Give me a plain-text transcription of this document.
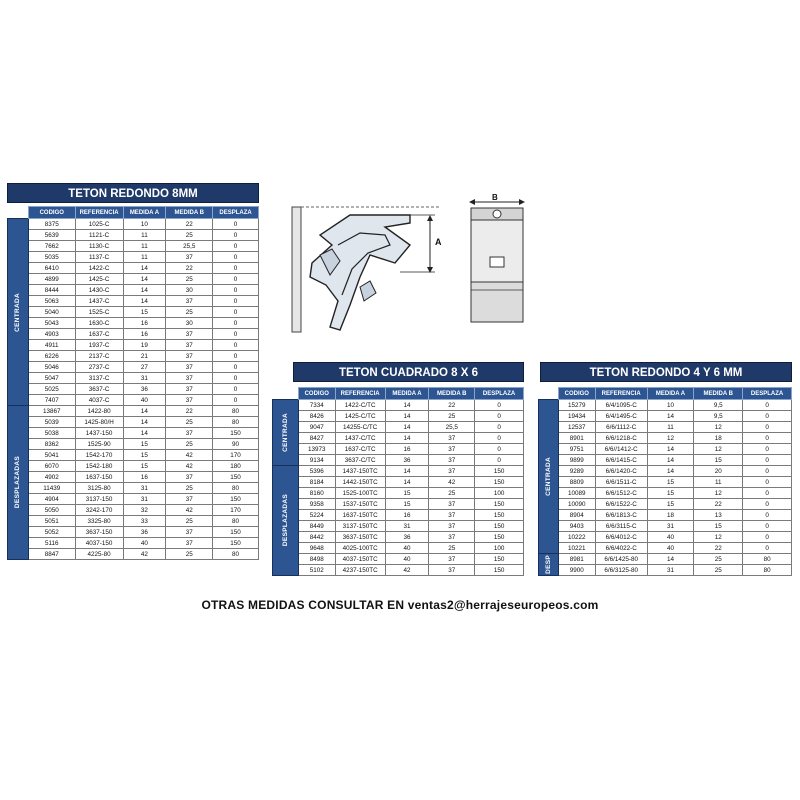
TETON REDONDO 8MM
	CODIGO	REFERENCIA	MEDIDA A	MEDIDA B	DESPLAZA

CENTRADA	8375	1025-C	10	22	0
	5639	1121-C	11	25	0
	7662	1130-C	11	25,5	0
	5035	1137-C	11	37	0
	6410	1422-C	14	22	0
	4899	1425-C	14	25	0
	8444	1430-C	14	30	0
	5063	1437-C	14	37	0
	5040	1525-C	15	25	0
	5043	1630-C	16	30	0
	4903	1637-C	16	37	0
	4911	1937-C	19	37	0
	6226	2137-C	21	37	0
	5046	2737-C	27	37	0
	5047	3137-C	31	37	0
	5025	3637-C	36	37	0
	7407	4037-C	40	37	0

DESPLAZADAS	13867	1422-80	14	22	80
	5039	1425-80/H	14	25	80
	5038	1437-150	14	37	150
	8362	1525-90	15	25	90
	5041	1542-170	15	42	170
	6070	1542-180	15	42	180
	4902	1637-150	16	37	150
	11439	3125-80	31	25	80
	4904	3137-150	31	37	150
	5050	3242-170	32	42	170
	5051	3325-80	33	25	80
	5052	3637-150	36	37	150
	5116	4037-150	40	37	150
	8847	4225-80	42	25	80
TETON CUADRADO 8 X 6
	CODIGO	REFERENCIA	MEDIDA A	MEDIDA B	DESPLAZA

CENTRADA	7334	1422-C/TC	14	22	0
	8426	1425-C/TC	14	25	0
	9047	14255-C/TC	14	25,5	0
	8427	1437-C/TC	14	37	0
	13973	1637-C/TC	16	37	0
	9134	3637-C/TC	36	37	0

DESPLAZADAS	5396	1437-150TC	14	37	150
	8184	1442-150TC	14	42	150
	8160	1525-100TC	15	25	100
	9358	1537-150TC	15	37	150
	5224	1637-150TC	16	37	150
	8449	3137-150TC	31	37	150
	8442	3637-150TC	36	37	150
	9648	4025-100TC	40	25	100
	8498	4037-150TC	40	37	150
	5102	4237-150TC	42	37	150
TETON REDONDO 4 Y 6 MM
	CODIGO	REFERENCIA	MEDIDA A	MEDIDA B	DESPLAZA

CENTRADA	15279	6/4/1095-C	10	9,5	0
	19434	6/4/1495-C	14	9,5	0
	12537	6/6/1112-C	11	12	0
	8901	6/6/1218-C	12	18	0
	9751	6/6//1412-C	14	12	0
	9899	6/6/1415-C	14	15	0
	9289	6/6/1420-C	14	20	0
	8809	6/6/1511-C	15	11	0
	10089	6/6/1512-C	15	12	0
	10090	6/6/1522-C	15	22	0
	8904	6/6/1813-C	18	13	0
	9403	6/6/3115-C	31	15	0
	10222	6/6/4012-C	40	12	0
	10221	6/6/4022-C	40	22	0

DESP	8981	6/6/1425-80	14	25	80
	9900	6/6/3125-80	31	25	80
A
B
OTRAS MEDIDAS CONSULTAR EN ventas2@herrajeseuropeos.com
